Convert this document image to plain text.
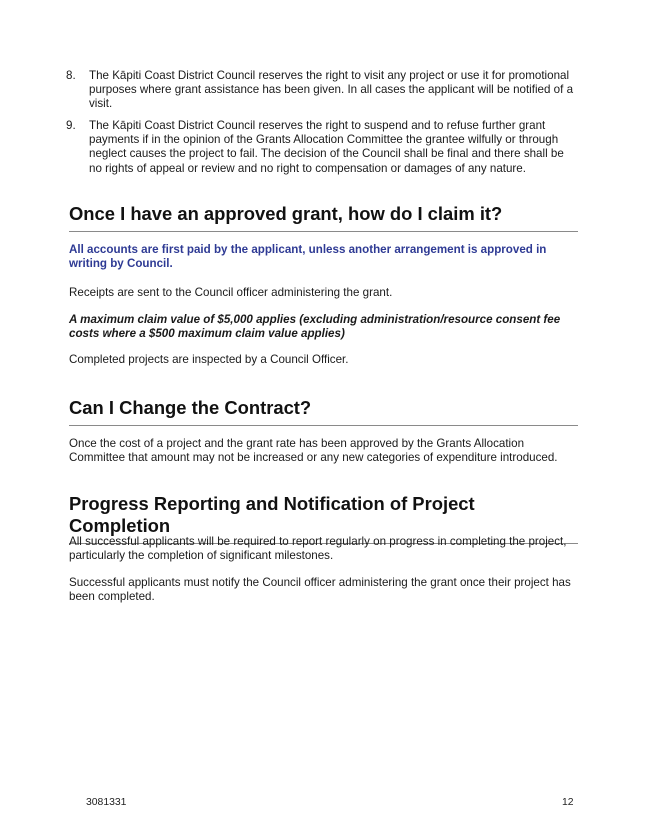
8.	The Kāpiti Coast District Council reserves the right to visit any project or use it for promotional purposes where grant assistance has been given. In all cases the applicant will be notified of a visit.
9.	The Kāpiti Coast District Council reserves the right to suspend and to refuse further grant payments if in the opinion of the Grants Allocation Committee the grantee wilfully or through neglect causes the project to fail. The decision of the Council shall be final and there shall be no rights of appeal or review and no right to compensation or damages of any nature.
Once I have an approved grant, how do I claim it?

All accounts are first paid by the applicant, unless another arrangement is approved in writing by Council.

Receipts are sent to the Council officer administering the grant.

A maximum claim value of $5,000 applies (excluding administration/resource consent fee costs where a $500 maximum claim value applies)

Completed projects are inspected by a Council Officer.

Can I Change the Contract?

Once the cost of a project and the grant rate has been approved by the Grants Allocation Committee that amount may not be increased or any new categories of expenditure introduced.

Progress Reporting and Notification of Project Completion

All successful applicants will be required to report regularly on progress in completing the project, particularly the completion of significant milestones.

Successful applicants must notify the Council officer administering the grant once their project has been completed.

3081331	12
